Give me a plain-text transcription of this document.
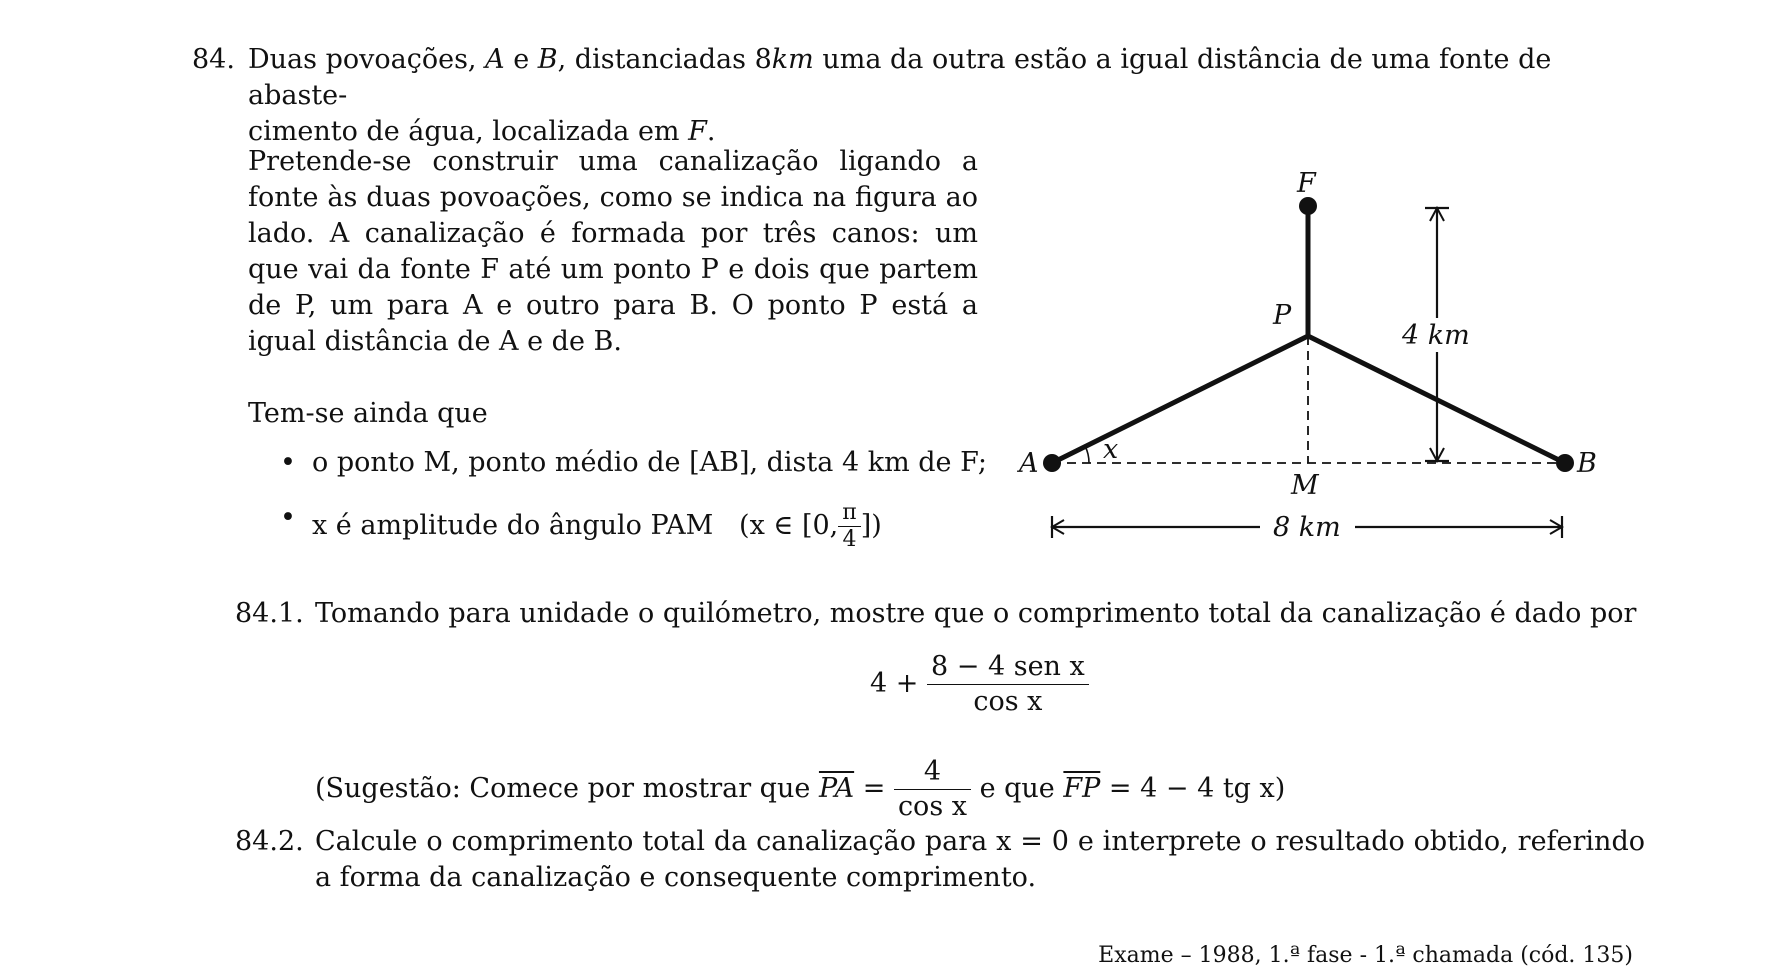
84. Duas povoações, A e B, distanciadas 8km uma da outra estão a igual distância de uma fonte de abaste-
cimento de água, localizada em F.
Pretende-se construir uma canalização ligando a fonte às duas povoações, como se indica na figura ao lado. A canalização é formada por três canos: um que vai da fonte F até um ponto P e dois que partem de P, um para A e outro para B. O ponto P está a igual distância de A e de B.
Tem-se ainda que
• o ponto M, ponto médio de [AB], dista 4 km de F;
• x é amplitude do ângulo PAM (x ∈ [0, $\frac{\pi}{4}$ ])
F
P
A	B
M
x
4 km
8 km
84.1. Tomando para unidade o quilómetro, mostre que o comprimento total da canalização é dado por
$4 + \frac{\text{8 − 4 sen x}}{\text{cos x}}$
(Sugestão: Comece por mostrar que $\overline{PA} = \frac{4}{\text{cos x}}$ e que $\overline{FP} = 4 - 4$ tg x)
84.2. Calcule o comprimento total da canalização para x = 0 e interprete o resultado obtido, referindo a forma da canalização e consequente comprimento.
Exame – 1988, 1.ª fase - 1.ª chamada (cód. 135)
